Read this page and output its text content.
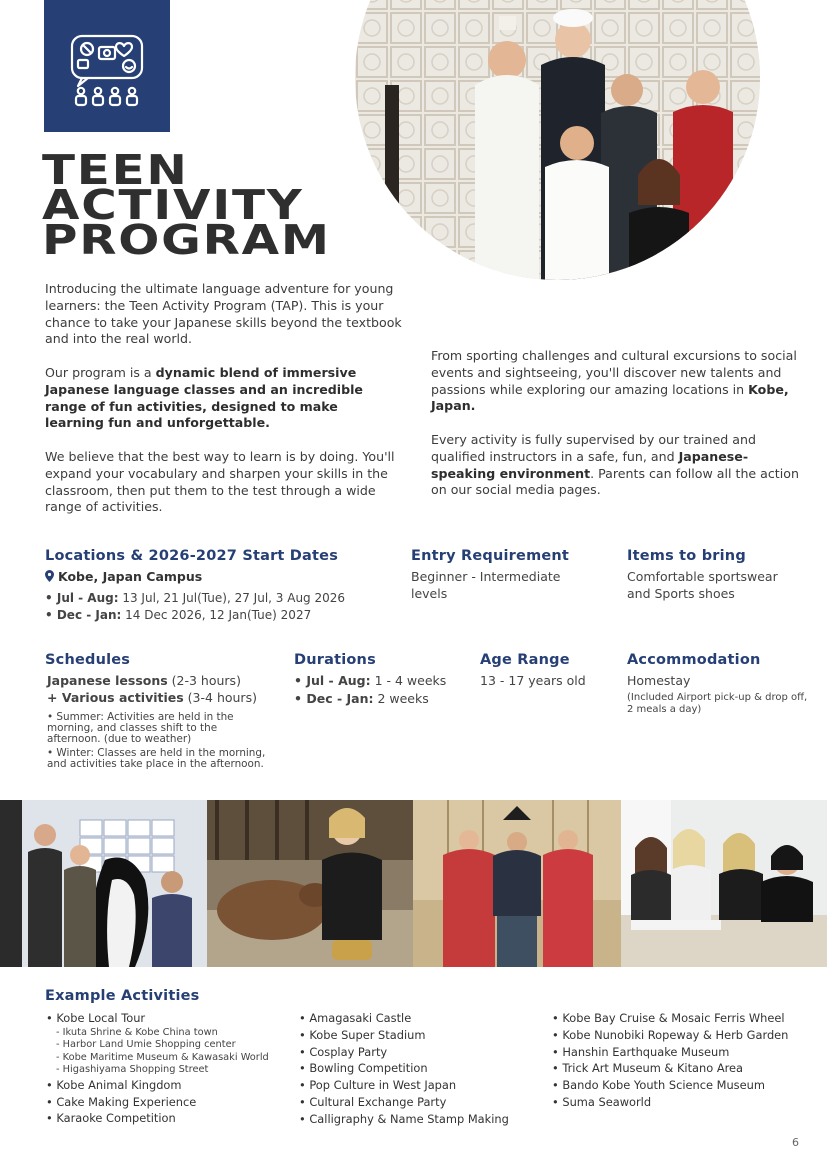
TEEN
ACTIVITY
PROGRAM

Introducing the ultimate language adventure for young learners: the Teen Activity Program (TAP). This is your chance to take your Japanese skills beyond the textbook and into the real world.

Our program is a dynamic blend of immersive Japanese language classes and an incredible range of fun activities, designed to make learning fun and unforgettable.

We believe that the best way to learn is by doing. You'll expand your vocabulary and sharpen your skills in the classroom, then put them to the test through a wide range of activities.

From sporting challenges and cultural excursions to social events and sightseeing, you'll discover new talents and passions while exploring our amazing locations in Kobe, Japan.

Every activity is fully supervised by our trained and qualified instructors in a safe, fun, and Japanese-speaking environment. Parents can follow all the action on our social media pages.

Locations & 2026-2027 Start Dates
Kobe, Japan Campus
• Jul - Aug: 13 Jul, 21 Jul(Tue), 27 Jul, 3 Aug 2026
• Dec - Jan: 14 Dec 2026, 12 Jan(Tue) 2027
Entry Requirement
Beginner - Intermediate levels
Items to bring
Comfortable sportswear and Sports shoes
Schedules
Japanese lessons (2-3 hours)
+ Various activities (3-4 hours)
• Summer: Activities are held in the morning, and classes shift to the afternoon. (due to weather)
• Winter: Classes are held in the morning, and activities take place in the afternoon.
Durations
• Jul - Aug: 1 - 4 weeks
• Dec - Jan: 2 weeks
Age Range
13 - 17 years old
Accommodation
Homestay
(Included Airport pick-up & drop off, 2 meals a day)
Example Activities
• Kobe Local Tour
- Ikuta Shrine & Kobe China town
- Harbor Land Umie Shopping center
- Kobe Maritime Museum & Kawasaki World
- Higashiyama Shopping Street
• Kobe Animal Kingdom
• Cake Making Experience
• Karaoke Competition
• Amagasaki Castle
• Kobe Super Stadium
• Cosplay Party
• Bowling Competition
• Pop Culture in West Japan
• Cultural Exchange Party
• Calligraphy & Name Stamp Making
• Kobe Bay Cruise & Mosaic Ferris Wheel
• Kobe Nunobiki Ropeway & Herb Garden
• Hanshin Earthquake Museum
• Trick Art Museum & Kitano Area
• Bando Kobe Youth Science Museum
• Suma Seaworld
6
